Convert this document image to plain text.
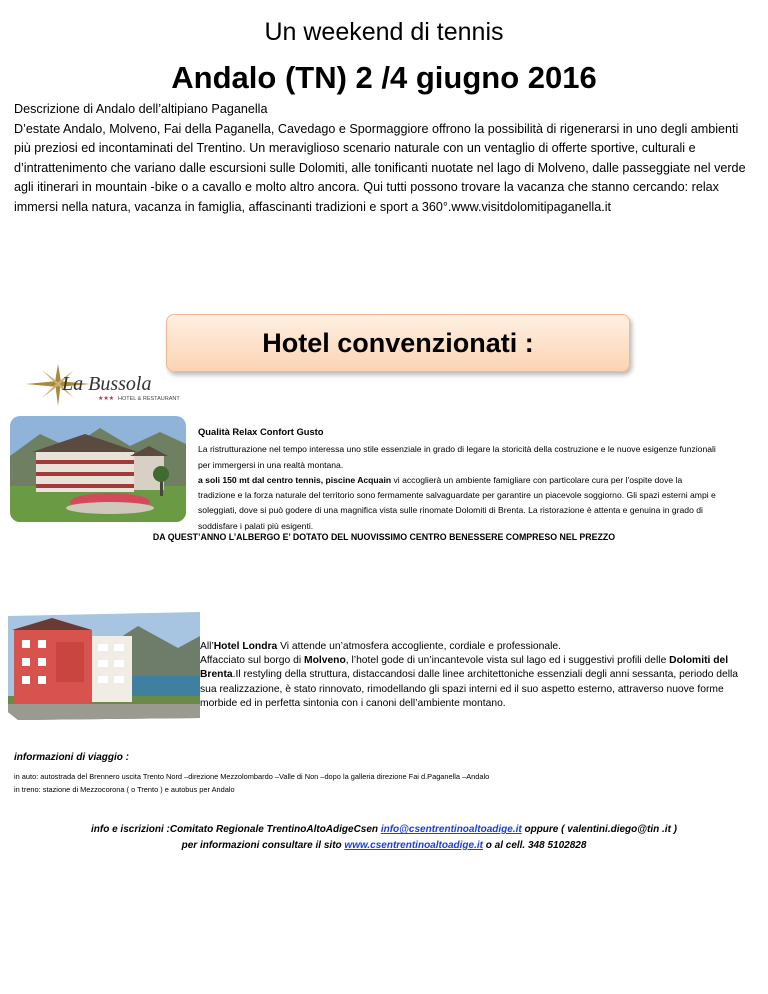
Un weekend di tennis
Andalo (TN) 2 /4 giugno 2016

Descrizione di Andalo dell’altipiano Paganella

D’estate Andalo, Molveno, Fai della Paganella, Cavedago e Spormaggiore offrono la possibilità di rigenerarsi in uno degli ambienti più preziosi ed incontaminati del Trentino. Un meraviglioso scenario naturale con un ventaglio di offerte sportive, culturali e d’intrattenimento che variano dalle escursioni sulle Dolomiti, alle tonificanti nuotate nel lago di Molveno, dalle passeggiate nel verde agli itinerari in mountain -bike o a cavallo e molto altro ancora. Qui tutti possono trovare la vacanza che stanno cercando: relax immersi nella natura, vacanza in famiglia, affascinanti tradizioni e sport a 360°.www.visitdolomitipaganella.it

Hotel convenzionati :
La Bussola
★★★ HOTEL & RESTAURANT

Qualità Relax Confort Gusto

La ristrutturazione nel tempo interessa uno stile essenziale in grado di legare la storicità della costruzione e le nuove esigenze funzionali per immergersi in una realtà montana.

a soli 150 mt dal centro tennis, piscine Acquain vi accoglierà un ambiente famigliare con particolare cura per l'ospite dove la tradizione e la forza naturale del territorio sono fermamente salvaguardate per garantire un piacevole soggiorno. Gli spazi esterni ampi e soleggiati, dove si può godere di una magnifica vista sulle rinomate Dolomiti di Brenta. La ristorazione è attenta e genuina in grado di soddisfare i palati più esigenti.

DA QUEST’ANNO L’ALBERGO E’ DOTATO DEL NUOVISSIMO CENTRO BENESSERE COMPRESO NEL PREZZO

All’Hotel Londra Vi attende un’atmosfera accogliente, cordiale e professionale.

Affacciato sul borgo di Molveno, l’hotel gode di un’incantevole vista sul lago ed i suggestivi profili delle Dolomiti del Brenta.Il restyling della struttura, distaccandosi dalle linee architettoniche essenziali degli anni sessanta, periodo della sua realizzazione, è stato rinnovato, rimodellando gli spazi interni ed il suo aspetto esterno, attraverso nuove forme morbide ed in perfetta sintonia con i canoni dell’ambiente montano.

informazioni di viaggio :
in auto: autostrada del Brennero uscita Trento Nord –direzione Mezzolombardo –Valle di Non –dopo la galleria direzione Fai d.Paganella –Andalo
in treno: stazione di Mezzocorona ( o Trento ) e autobus per Andalo

info e iscrizioni :Comitato Regionale TrentinoAltoAdigeCsen info@csentrentinoaltoadige.it oppure ( valentini.diego@tin .it )

per informazioni consultare il sito www.csentrentinoaltoadige.it o al cell. 348 5102828
